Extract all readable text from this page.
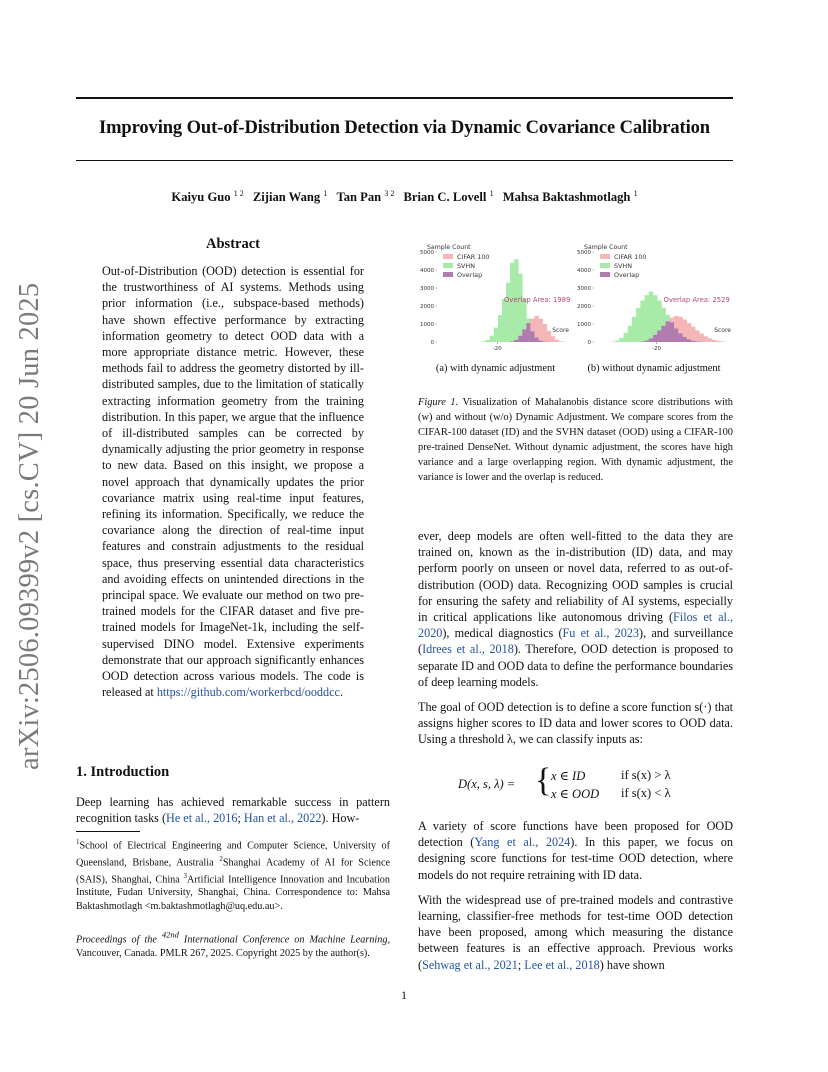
arXiv:2506.09399v2 [cs.CV] 20 Jun 2025
Improving Out-of-Distribution Detection via Dynamic Covariance Calibration
Kaiyu Guo $^{1 2}$ Zijian Wang $^1$ Tan Pan $^{3 2}$ Brian C. Lovell $^1$ Mahsa Baktashmotlagh $^1$
Abstract

Out-of-Distribution (OOD) detection is essential for the trustworthiness of AI systems. Methods using prior information (i.e., subspace-based methods) have shown effective performance by extracting information geometry to detect OOD data with a more appropriate distance metric. However, these methods fail to address the geometry distorted by ill-distributed samples, due to the limitation of statically extracting information geometry from the training distribution. In this paper, we argue that the influence of ill-distributed samples can be corrected by dynamically adjusting the prior geometry in response to new data. Based on this insight, we propose a novel approach that dynamically updates the prior covariance matrix using real-time input features, refining its information. Specifically, we reduce the covariance along the direction of real-time input features and constrain adjustments to the residual space, thus preserving essential data characteristics and avoiding effects on unintended directions in the principal space. We evaluate our method on two pre-trained models for the CIFAR dataset and five pre-trained models for ImageNet-1k, including the self-supervised DINO model. Extensive experiments demonstrate that our approach significantly enhances OOD detection across various models. The code is released at https://github.com/workerbcd/ooddcc.

1. Introduction

Deep learning has achieved remarkable success in pattern recognition tasks (He et al., 2016; Han et al., 2022). How-

$^1$School of Electrical Engineering and Computer Science, University of Queensland, Brisbane, Australia $^2$Shanghai Academy of AI for Science (SAIS), Shanghai, China $^3$Artificial Intelligence Innovation and Incubation Institute, Fudan University, Shanghai, China. Correspondence to: Mahsa Baktashmotlagh <m.baktashmotlagh@uq.edu.au>.
Proceedings of the $^{42nd}$ International Conference on Machine Learning, Vancouver, Canada. PMLR 267, 2025. Copyright 2025 by the author(s).
1
Sample Count
0
1000
2000
3000
4000
5000
-20
Score
CIFAR 100
SVHN
Overlap
Overlap Area: 1989
Sample Count
0
1000
2000
3000
4000
5000
-20
Score
CIFAR 100
SVHN
Overlap
Overlap Area: 2529
(a) with dynamic adjustment	(b) without dynamic adjustment
Figure 1. Visualization of Mahalanobis distance score distributions with (w) and without (w/o) Dynamic Adjustment. We compare scores from the CIFAR-100 dataset (ID) and the SVHN dataset (OOD) using a CIFAR-100 pre-trained DenseNet. Without dynamic adjustment, the scores have high variance and a large overlapping region. With dynamic adjustment, the variance is lower and the overlap is reduced.

ever, deep models are often well-fitted to the data they are trained on, known as the in-distribution (ID) data, and may perform poorly on unseen or novel data, referred to as out-of-distribution (OOD) data. Recognizing OOD samples is crucial for ensuring the safety and reliability of AI systems, especially in critical applications like autonomous driving (Filos et al., 2020), medical diagnostics (Fu et al., 2023), and surveillance (Idrees et al., 2018). Therefore, OOD detection is proposed to separate ID and OOD data to define the performance boundaries of deep learning models.

The goal of OOD detection is to define a score function s(·) that assigns higher scores to ID data and lower scores to OOD data. Using a threshold λ, we can classify inputs as:

D(x, s, λ) = { x ∈ ID	if s(x) > λ
x ∈ OOD if s(x) < λ

A variety of score functions have been proposed for OOD detection (Yang et al., 2024). In this paper, we focus on designing score functions for test-time OOD detection, where models do not require retraining with ID data.

With the widespread use of pre-trained models and contrastive learning, classifier-free methods for test-time OOD detection have been proposed, among which measuring the distance between features is an effective approach. Previous works (Sehwag et al., 2021; Lee et al., 2018) have shown
